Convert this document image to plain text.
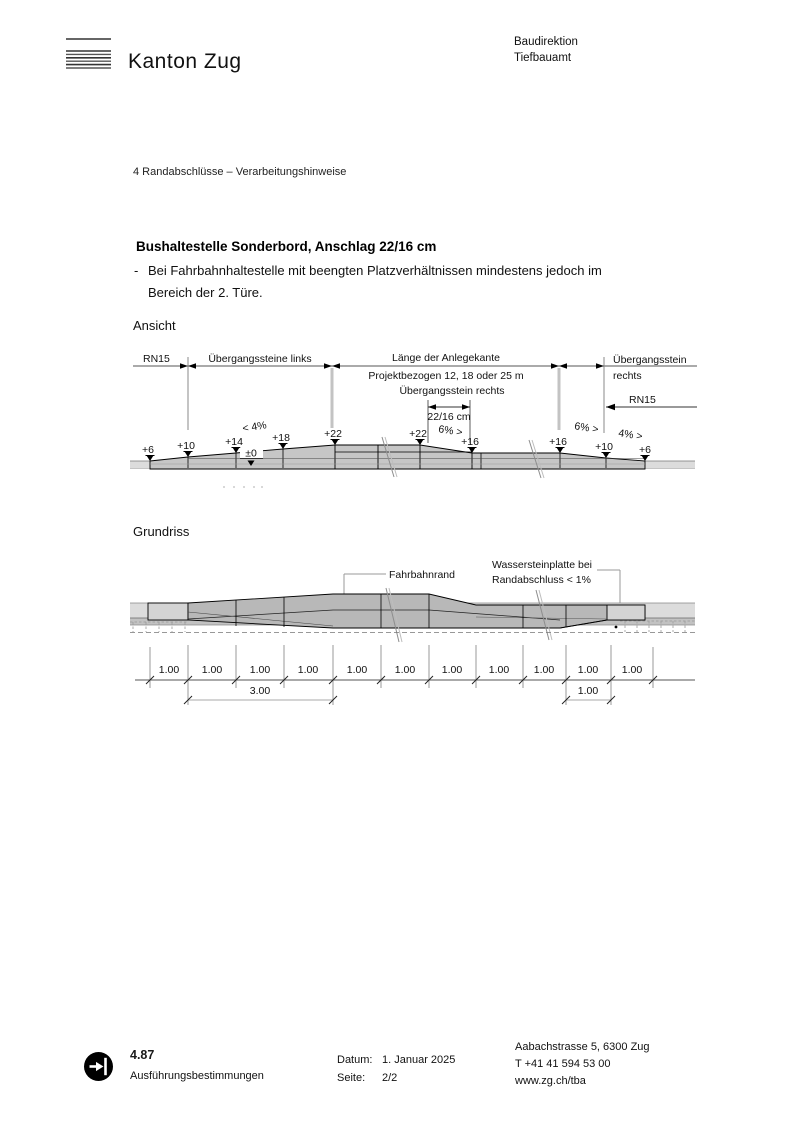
Kanton Zug
Baudirektion
Tiefbauamt
4 Randabschlüsse – Verarbeitungshinweise
Bushaltestelle Sonderbord, Anschlag 22/16 cm
- Bei Fahrbahnhaltestelle mit beengten Platzverhältnissen mindestens jedoch im
Bereich der 2. Türe.
Ansicht
RN15	Übergangssteine links	Länge der Anlegekante
Projektbezogen 12, 18 oder 25 m
Übergangsstein
rechts
RN15
Übergangsstein rechts
22/16 cm
+6 +10	+14	+18	+22	+22
+16	+16	+10 +6
±0
< 4%	6% >	6% > 4% >
Grundriss
Fahrbahnrand
Wassersteinplatte bei
Randabschluss < 1%
1.00 1.00	1.00	1.00	1.00	1.00	1.00	1.00 1.00 1.00 1.00
3.00	1.00
4.87
Ausführungsbestimmungen
Datum: 1. Januar 2025
Seite: 2/2
Aabachstrasse 5, 6300 Zug
T +41 41 594 53 00
www.zg.ch/tba
